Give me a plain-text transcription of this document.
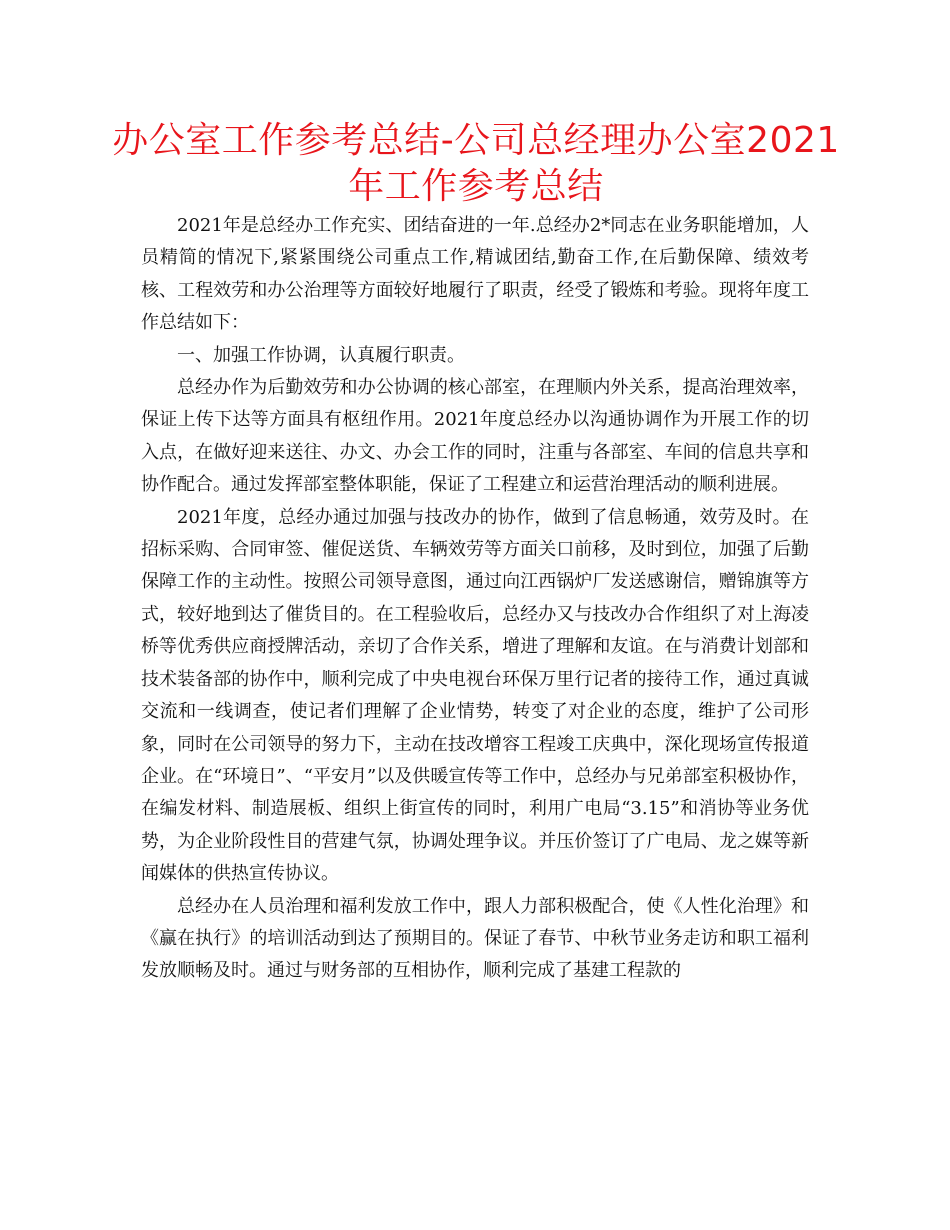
办公室工作参考总结-公司总经理办公室2021年工作参考总结

2021年是总经办工作充实、团结奋进的一年.总经办2*同志在业务职能增加，人员精简的情况下,紧紧围绕公司重点工作,精诚团结,勤奋工作,在后勤保障、绩效考核、工程效劳和办公治理等方面较好地履行了职责，经受了锻炼和考验。现将年度工作总结如下：

一、加强工作协调，认真履行职责。

总经办作为后勤效劳和办公协调的核心部室，在理顺内外关系，提高治理效率，保证上传下达等方面具有枢纽作用。2021年度总经办以沟通协调作为开展工作的切入点，在做好迎来送往、办文、办会工作的同时，注重与各部室、车间的信息共享和协作配合。通过发挥部室整体职能，保证了工程建立和运营治理活动的顺利进展。

2021年度，总经办通过加强与技改办的协作，做到了信息畅通，效劳及时。在招标采购、合同审签、催促送货、车辆效劳等方面关口前移，及时到位，加强了后勤保障工作的主动性。按照公司领导意图，通过向江西锅炉厂发送感谢信，赠锦旗等方式，较好地到达了催货目的。在工程验收后，总经办又与技改办合作组织了对上海凌桥等优秀供应商授牌活动，亲切了合作关系，增进了理解和友谊。在与消费计划部和技术装备部的协作中，顺利完成了中央电视台环保万里行记者的接待工作，通过真诚交流和一线调查，使记者们理解了企业情势，转变了对企业的态度，维护了公司形象，同时在公司领导的努力下，主动在技改增容工程竣工庆典中，深化现场宣传报道企业。在“环境日”、“平安月”以及供暖宣传等工作中，总经办与兄弟部室积极协作，在编发材料、制造展板、组织上街宣传的同时，利用广电局“3.15”和消协等业务优势，为企业阶段性目的营建气氛，协调处理争议。并压价签订了广电局、龙之媒等新闻媒体的供热宣传协议。

总经办在人员治理和福利发放工作中，跟人力部积极配合，使《人性化治理》和《赢在执行》的培训活动到达了预期目的。保证了春节、中秋节业务走访和职工福利发放顺畅及时。通过与财务部的互相协作，顺利完成了基建工程款的
